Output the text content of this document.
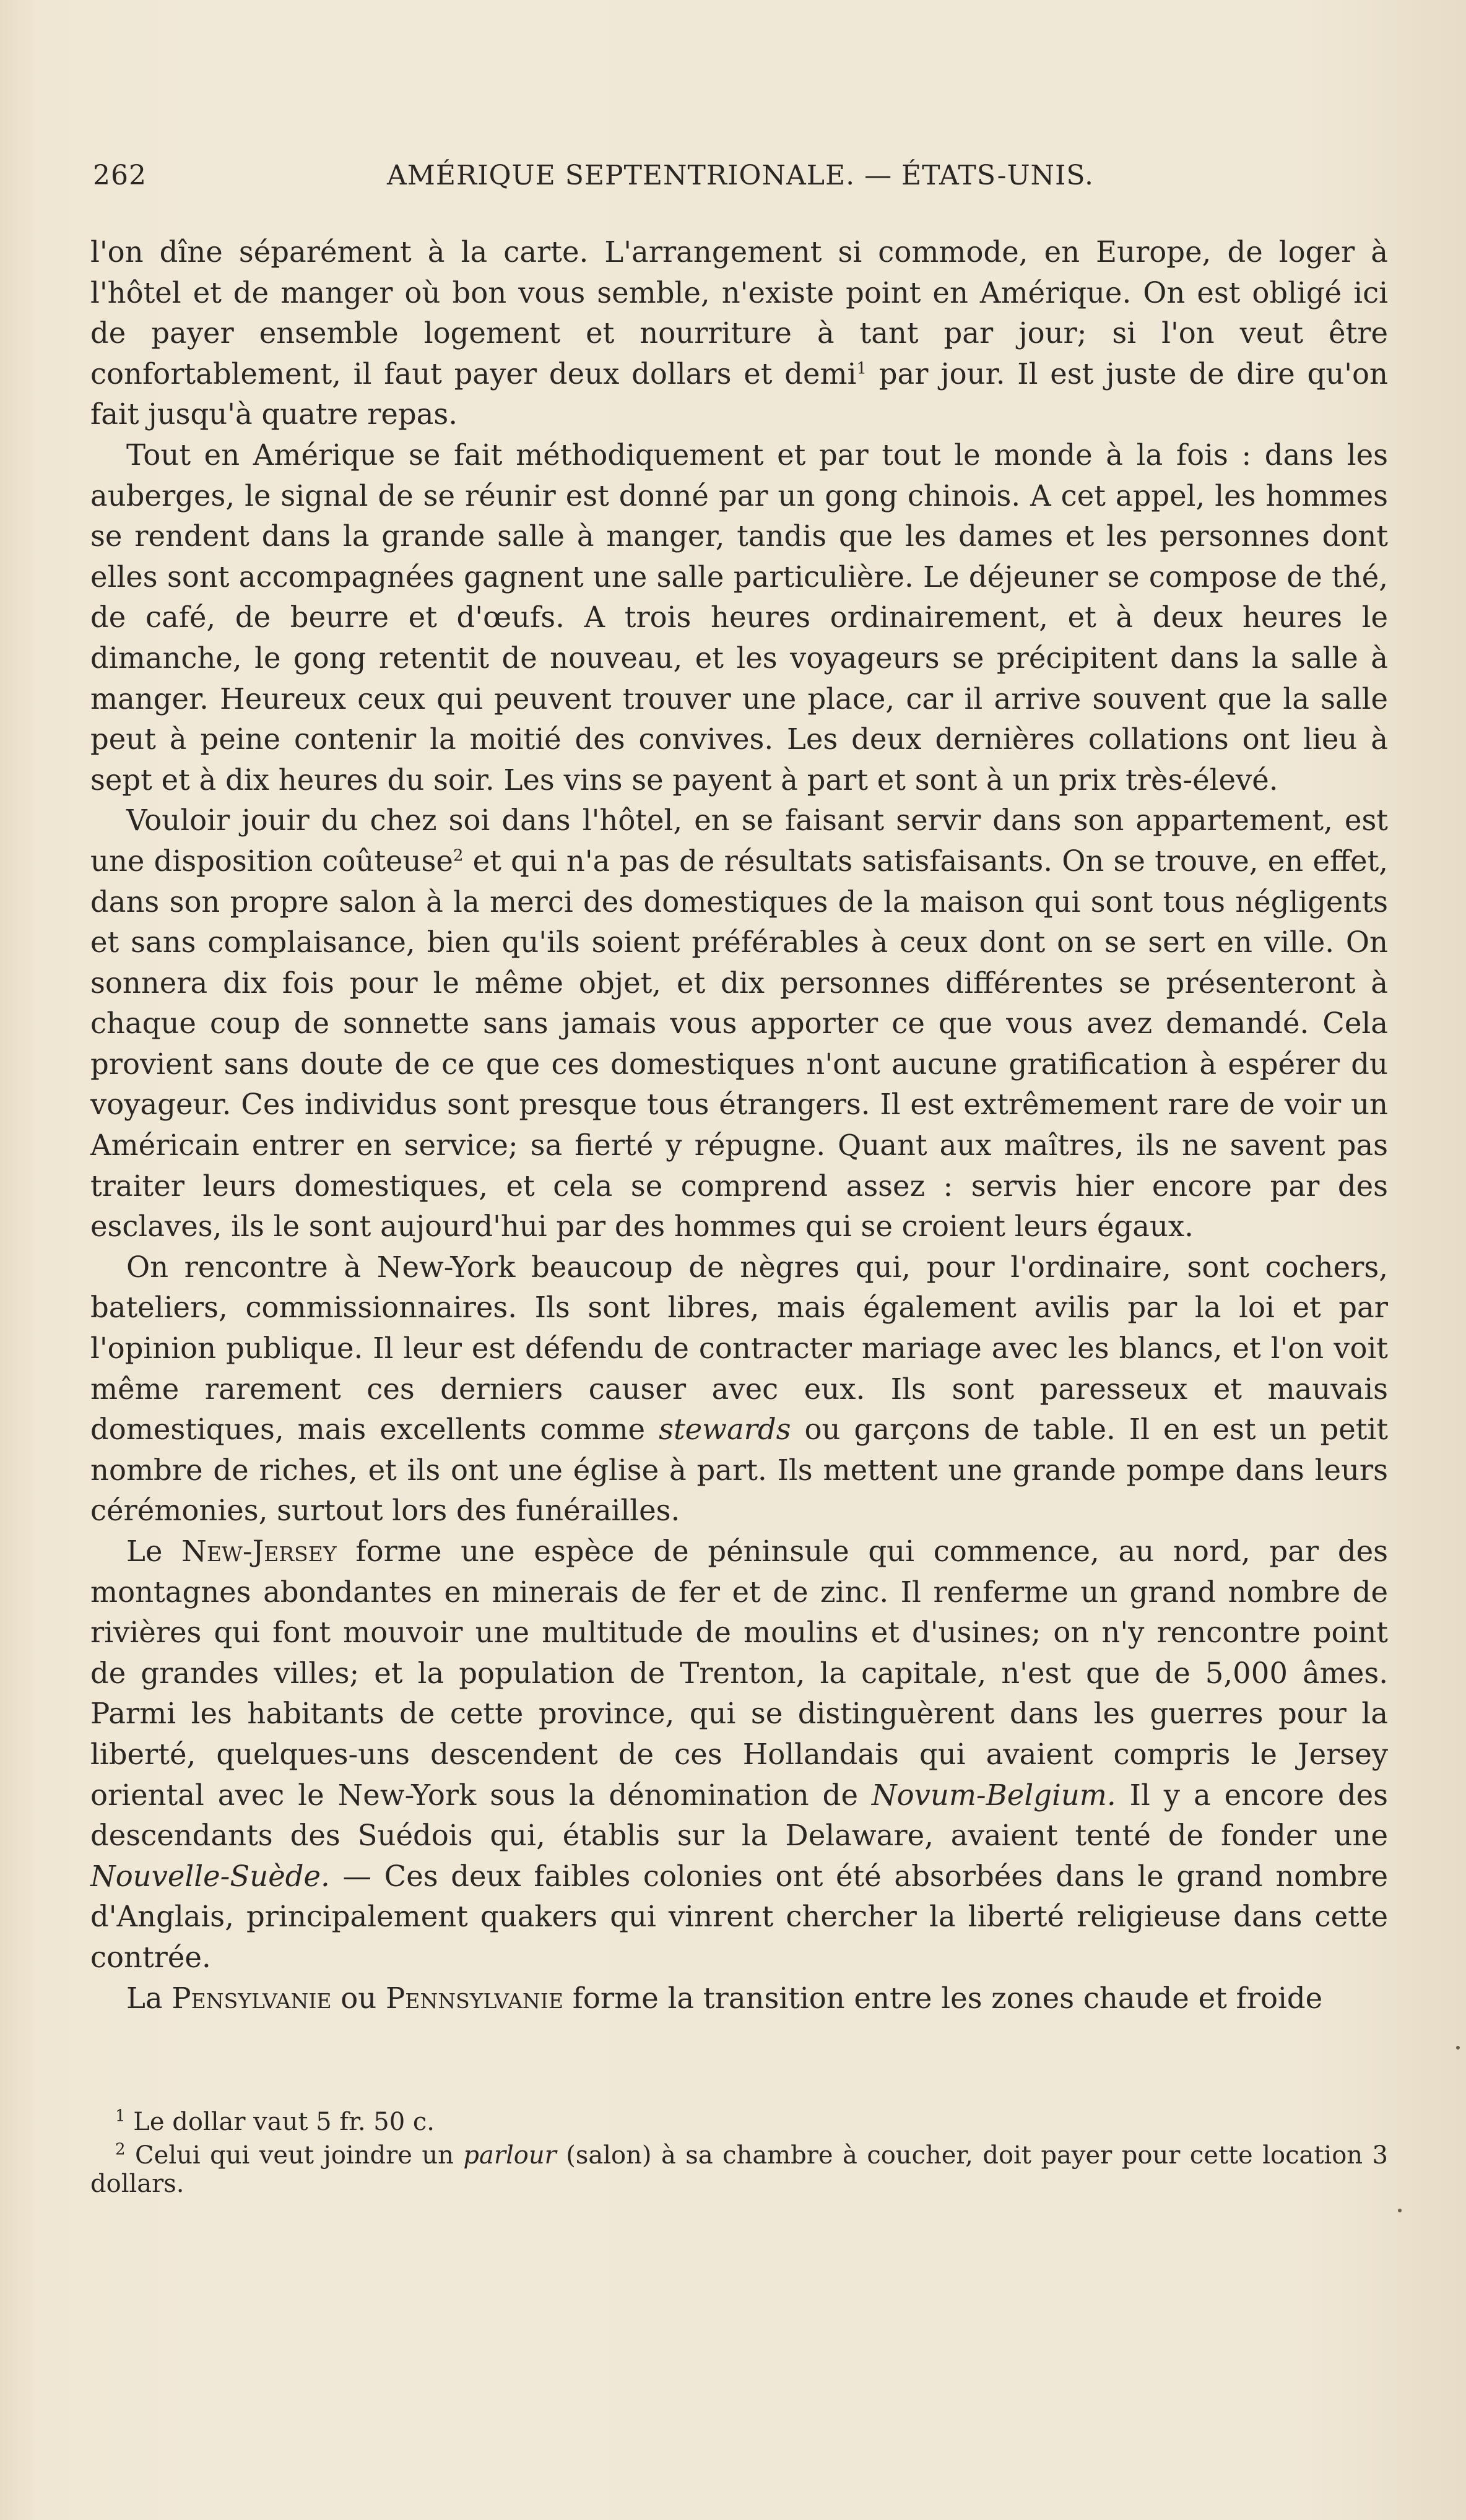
262	AMÉRIQUE SEPTENTRIONALE. — ÉTATS-UNIS.

l'on dîne séparément à la carte. L'arrangement si commode, en Europe, de loger à l'hôtel et de manger où bon vous semble, n'existe point en Amérique. On est obligé ici de payer ensemble logement et nourriture à tant par jour; si l'on veut être confortablement, il faut payer deux dollars et demi$^1$ par jour. Il est juste de dire qu'on fait jusqu'à quatre repas.

Tout en Amérique se fait méthodiquement et par tout le monde à la fois : dans les auberges, le signal de se réunir est donné par un gong chinois. A cet appel, les hommes se rendent dans la grande salle à manger, tandis que les dames et les personnes dont elles sont accompagnées gagnent une salle particulière. Le déjeuner se compose de thé, de café, de beurre et d'œufs. A trois heures ordinairement, et à deux heures le dimanche, le gong retentit de nouveau, et les voyageurs se précipitent dans la salle à manger. Heureux ceux qui peuvent trouver une place, car il arrive souvent que la salle peut à peine contenir la moitié des convives. Les deux dernières collations ont lieu à sept et à dix heures du soir. Les vins se payent à part et sont à un prix très-élevé.

Vouloir jouir du chez soi dans l'hôtel, en se faisant servir dans son appartement, est une disposition coûteuse$^2$ et qui n'a pas de résultats satisfaisants. On se trouve, en effet, dans son propre salon à la merci des domestiques de la maison qui sont tous négligents et sans complaisance, bien qu'ils soient préférables à ceux dont on se sert en ville. On sonnera dix fois pour le même objet, et dix personnes différentes se présenteront à chaque coup de sonnette sans jamais vous apporter ce que vous avez demandé. Cela provient sans doute de ce que ces domestiques n'ont aucune gratification à espérer du voyageur. Ces individus sont presque tous étrangers. Il est extrêmement rare de voir un Américain entrer en service; sa fierté y répugne. Quant aux maîtres, ils ne savent pas traiter leurs domestiques, et cela se comprend assez : servis hier encore par des esclaves, ils le sont aujourd'hui par des hommes qui se croient leurs égaux.

On rencontre à New-York beaucoup de nègres qui, pour l'ordinaire, sont cochers, bateliers, commissionnaires. Ils sont libres, mais également avilis par la loi et par l'opinion publique. Il leur est défendu de contracter mariage avec les blancs, et l'on voit même rarement ces derniers causer avec eux. Ils sont paresseux et mauvais domestiques, mais excellents comme stewards ou garçons de table. Il en est un petit nombre de riches, et ils ont une église à part. Ils mettent une grande pompe dans leurs cérémonies, surtout lors des funérailles.

Le New-Jersey forme une espèce de péninsule qui commence, au nord, par des montagnes abondantes en minerais de fer et de zinc. Il renferme un grand nombre de rivières qui font mouvoir une multitude de moulins et d'usines; on n'y rencontre point de grandes villes; et la population de Trenton, la capitale, n'est que de 5,000 âmes. Parmi les habitants de cette province, qui se distinguèrent dans les guerres pour la liberté, quelques-uns descendent de ces Hollandais qui avaient compris le Jersey oriental avec le New-York sous la dénomination de Novum-Belgium. Il y a encore des descendants des Suédois qui, établis sur la Delaware, avaient tenté de fonder une Nouvelle-Suède. — Ces deux faibles colonies ont été absorbées dans le grand nombre d'Anglais, principalement quakers qui vinrent chercher la liberté religieuse dans cette contrée.

La Pensylvanie ou Pennsylvanie forme la transition entre les zones chaude et froide

$^1$ Le dollar vaut 5 fr. 50 c.

$^2$ Celui qui veut joindre un parlour (salon) à sa chambre à coucher, doit payer pour cette location 3 dollars.
